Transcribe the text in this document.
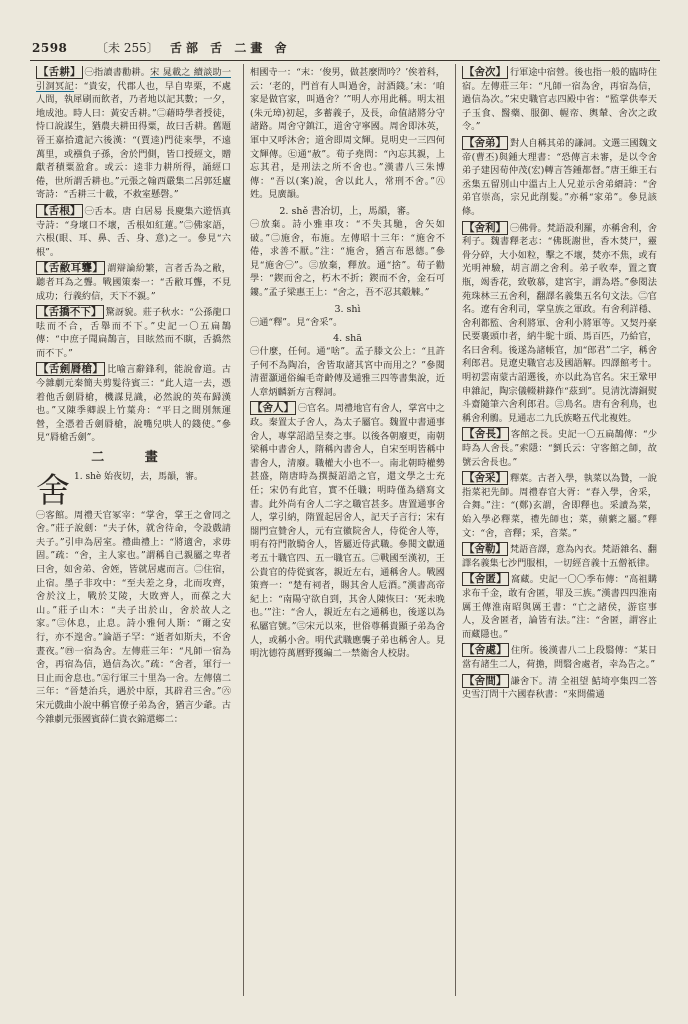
2598 〔未 255〕 舌部 舌 二畫 舍
【舌耕】 ㊀指讀書勸耕。宋 晁載之 續談助一引洞冥記：“貴安，代郡人也，早自卑栗，不處人間，執犀刷而飲者，乃者地以記其數；一夕，地成池。時人曰：黃安舌耕。”㊁藉時學者授徒，恃口說謀生，猶農夫耕田得粟，故曰舌耕。舊題晉王嘉拾遺記六後漢：“(賈逵)門徒來學，不遠萬里，或襁負子孫，舍於門側，皆口授經文，贈獻者積粟盈倉。或云：逵非力耕所得，誦經口倦，世所謂舌耕也。”元張之翰西嚴集二呂郭廷廬寄詩：“舌耕三十載，不救室懸磬。”
【舌根】 ㊀舌本。唐 白居易 長慶集六遊悟真寺詩：“身壞口不壞，舌根如紅蓮。”㊁佛家語，六根(眼、耳、鼻、舌、身、意)之一。參見“六根”。
【舌敝耳聾】 謂辯論紛繁，言者舌為之敝，聽者耳為之聾。戰國策秦一：“舌敝耳聾，不見成功；行義約信，天下不親。”
【舌撟不下】 驚訝貌。莊子秋水：“公孫龍口呿而不合，舌舉而不下。”史記一〇五扁鵲傳：“中庶子聞扁鵲言，目眩然而不瞚，舌撟然而不下。”
【舌劍脣槍】 比喻言辭鋒利，能說會道。古今雜劇元秦簡夫剪髮待賓三：“此人這一去，憑着他舌劍脣槍，機謀見識，必然說的英布歸漢也。”又陳季卿誤上竹葉舟：“平日之間別無運營，全憑着舌劍脣槍，說嘴兒哄人的錢使。”參見“脣槍舌劍”。
二 畫
舍 1. shè 始夜切，去，馬韻，審。
㊀客館。周禮天官冢宰：“掌舍，掌王之會同之舍。”莊子說劍：“夫子休，就舍待命，令設戲請夫子。”引申為居室。禮曲禮上：“將適舍，求毋固。”疏：“舍，主人家也。”謂稱自己親屬之卑者曰舍，如舍弟、舍姪，皆就居處而言。㊁住宿，止宿。墨子非攻中：“至夫差之身，北而攻齊，舍於汶上，戰於艾陵，大敗齊人，而葆之大山。”莊子山木：“夫子出於山，舍於故人之家。”㊂休息，止息。詩小雅何人斯：“爾之安行，亦不遑舍。”論語子罕：“逝者如斯夫，不舍晝夜。”㊃一宿為舍。左傳莊三年：“凡師一宿為舍，再宿為信，過信為次。”疏：“舍者，軍行一日止而舍息也。”㊄行軍三十里為一舍。左傳僖二三年：“晉楚治兵，遇於中原，其辟君三舍。”㊅宋元戲曲小說中稱官僚子弟為舍，猶言少爺。古今雜劇元張國賓薛仁貴衣錦還鄉二：
相國寺一：“末：‘俊男，做甚麼問吟？’俟着科，云：‘老的，門首有人叫過舍，討酒錢。’末：‘咱家是做官家，叫過舍？’”明人亦用此稱。明太祖(朱元璋)初起，多蓄義子，及長，命值諸將分守諸路。周舍守鎮江，道舍守寧國。周舍即沐英，軍中又呼沐舍；道舍即周文輝。見明史一三四何文輝傳。㊆通“赦”。荀子堯問：“內忘其親，上忘其君，是刑法之所不舍也。”漢書八三朱博傳：“吾以(案)說，舍以此人，常刑不舍。”㊇姓。見廣韻。
2. shě 書冶切，上，馬韻，審。
㊀放棄。詩小雅車攻：“不失其馳，舍矢如破。”㊁施舍，布施。左傳昭十三年：“施舍不倦，求善不厭。”注：“施舍，猶言布恩德。”參見“施舍㊀”。㊂放棄，釋放。通“捨”。荀子勸學：“鍥而舍之，朽木不折；鍥而不舍，金石可鏤。”孟子梁惠王上：“舍之，吾不忍其觳觫。”
3. shì
㊀通“釋”。見“舍采”。
4. shā
㊀什麼，任何。通“啥”。孟子滕文公上：“且許子何不為陶冶，舍皆取諸其宮中而用之？”參閱清翟灝通俗編毛奇齡傳及通雅三四等書集說，近人章炳麟新方言釋詞。
【舍人】 ㊀官名。周禮地官有舍人，掌宮中之政。秦置太子舍人，為太子屬官。魏置中書通事舍人，專掌詔誥呈奏之事。以後各朝廢更，南朝梁稱中書舍人，隋稱內書舍人，自宋至明皆稱中書舍人，清廢。職權大小也不一。南北朝時權勢甚盛，隋唐時為撰擬詔誥之官，還文學之士充任；宋仍有此官，實不任職；明時僅為繕寫文書。此外尚有舍人二字之職官甚多。唐置通事舍人，掌引納，隋置起居舍人，記天子言行；宋有閤門宣贊舍人，元有宣徽院舍人，侍從舍人等，明有符門散騎舍人，皆屬近侍武職。參閱文獻通考五十職官四、五一職官五。㊁戰國至漢初，王公貴官的侍從賓客，親近左右，通稱舍人。戰國策齊一：“楚有祠者，賜其舍人卮酒。”漢書高帝紀上：“南陽守欲自剄，其舍人陳恢曰：‘死未晚也。’”注：“舍人，親近左右之通稱也，後遂以為私屬官號。”㊂宋元以來，世俗尊稱貴顯子弟為舍人，或稱小舍。明代武職應襲子弟也稱舍人。見明沈德符萬曆野獲編二一禁衛舍人校尉。
【舍次】 行軍途中宿營。後也指一般的臨時住宿。左傳莊三年：“凡師一宿為舍，再宿為信，過信為次。”宋史職官志四殿中省：“監掌供奉天子玉食、醫藥、服御、幄帟、輿輦、舍次之政令。”
【舍弟】 對人自稱其弟的謙詞。文選三國魏文帝(曹丕)與鍾大理書：“恐傳言未審，是以令舍弟子建因荀仲茂(宏)轉言答鍾都督。”唐王維王右丞集五留別山中溫古上人兄並示舍弟縉詩：“舍弟官崇高，宗兄此削髮。”亦稱“家弟”。參見該條。
【舍利】 ㊀佛骨。梵語設利羅，亦稱舍利，舍利子。魏書釋老志：“佛既謝世，香木焚尸，靈骨分碎，大小如粒，擊之不壞，焚亦不焦，或有光明神驗，胡言謂之舍利。弟子收奉，置之寶瓶，竭香花，致敬慕，建宮宇，謂為塔。”參閱法苑珠林三五舍利，翻譯名義集五名句文法。㊁官名。遼有舍利司，掌皇族之軍政。有舍利詳穩、舍利都監、舍利將軍、舍利小將軍等。又契丹豪民要裹頭巾者，納牛駝十頭、馬百匹，乃給官，名曰舍利。後遂為諸帳官，加“郎君”二字，稱舍利郎君。見遼史職官志及國語解。四譯館考十。明初雲南蒙古詔選後，亦以此為官名。宋王鞏甲申雜記，陶宗儀輟耕錄作“茲到”。見清沈濤銅熨斗齋隨筆六舍利郎君。㊂鳥名。唐有舍利鳥，也稱舍利鶻。見通志二九氏族略五代北複姓。
【舍長】 客館之長。史記一〇五扁鵲傳：“少時為人舍長。”索隱：“劉氏云：守客館之師，故號云舍長也。”
【舍采】 釋菜。古者入學，執菜以為贄，一說指菜祀先師。周禮春官大胥：“春入學，舍采，合舞。”注：“(鄭)玄謂，舍即釋也。采讀為菜，始入學必釋菜，禮先師也；菜，蘋蘩之屬。”釋文：“舍，音釋；采，音菜。”
【舍勒】 梵語音譯，意為內衣。梵語雜名、翻譯名義集七沙門服相，一切經音義十五僧祇律。
【舍匿】 窩藏。史記一〇〇季布傳：“高祖購求布千金，敢有舍匿，罪及三族。”漢書四四淮南厲王傳淮南昭與厲王書：“亡之諸侯，游宦事人，及舍匿者，論皆有法。”注：“舍匿，謂容止而藏隱也。”
【舍處】 住所。後漢書八二上段翳傳：“某日當有諸生二人，荷擔，問翳舍處者，幸為告之。”
【舍間】 謙舍下。清 全祖望 鮚埼亭集四二答史雪汀問十六國春秋書：“來問備通
